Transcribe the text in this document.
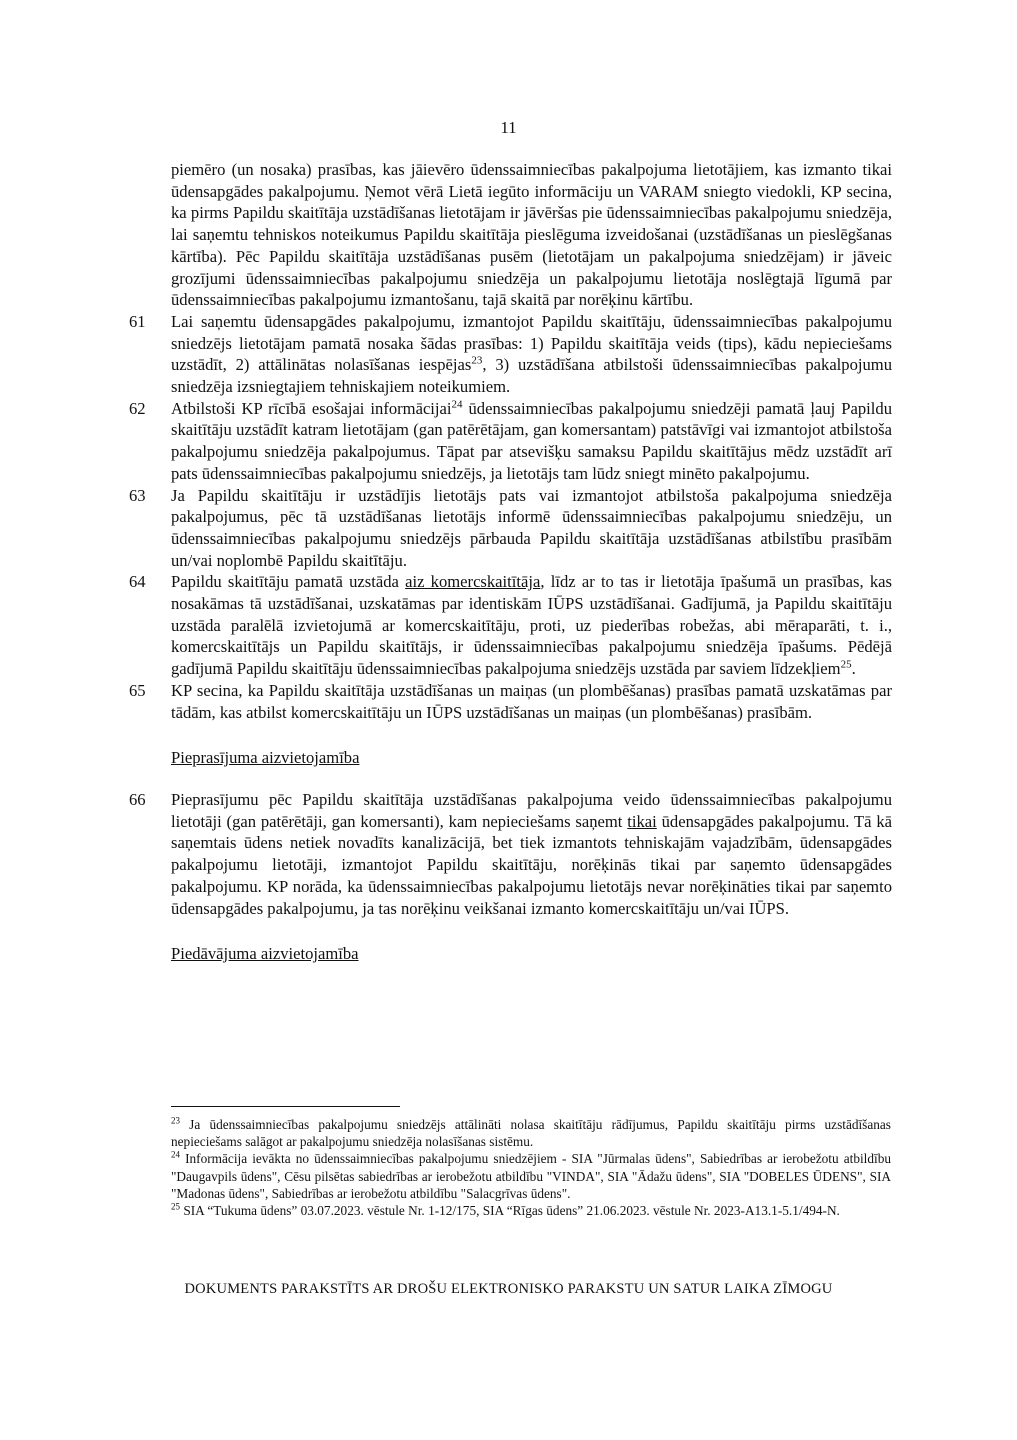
11

piemēro (un nosaka) prasības, kas jāievēro ūdenssaimniecības pakalpojuma lietotājiem, kas izmanto tikai ūdensapgādes pakalpojumu. Ņemot vērā Lietā iegūto informāciju un VARAM sniegto viedokli, KP secina, ka pirms Papildu skaitītāja uzstādīšanas lietotājam ir jāvēršas pie ūdenssaimniecības pakalpojumu sniedzēja, lai saņemtu tehniskos noteikumus Papildu skaitītāja pieslēguma izveidošanai (uzstādīšanas un pieslēgšanas kārtība). Pēc Papildu skaitītāja uzstādīšanas pusēm (lietotājam un pakalpojuma sniedzējam) ir jāveic grozījumi ūdenssaimniecības pakalpojumu sniedzēja un pakalpojumu lietotāja noslēgtajā līgumā par ūdenssaimniecības pakalpojumu izmantošanu, tajā skaitā par norēķinu kārtību.

61	Lai saņemtu ūdensapgādes pakalpojumu, izmantojot Papildu skaitītāju, ūdenssaimniecības pakalpojumu sniedzējs lietotājam pamatā nosaka šādas prasības: 1) Papildu skaitītāja veids (tips), kādu nepieciešams uzstādīt, 2) attālinātas nolasīšanas iespējas$^{23}$, 3) uzstādīšana atbilstoši ūdenssaimniecības pakalpojumu sniedzēja izsniegtajiem tehniskajiem noteikumiem.

62	Atbilstoši KP rīcībā esošajai informācijai$^{24}$ ūdenssaimniecības pakalpojumu sniedzēji pamatā ļauj Papildu skaitītāju uzstādīt katram lietotājam (gan patērētājam, gan komersantam) patstāvīgi vai izmantojot atbilstoša pakalpojumu sniedzēja pakalpojumus. Tāpat par atsevišķu samaksu Papildu skaitītājus mēdz uzstādīt arī pats ūdenssaimniecības pakalpojumu sniedzējs, ja lietotājs tam lūdz sniegt minēto pakalpojumu.

63	Ja Papildu skaitītāju ir uzstādījis lietotājs pats vai izmantojot atbilstoša pakalpojuma sniedzēja pakalpojumus, pēc tā uzstādīšanas lietotājs informē ūdenssaimniecības pakalpojumu sniedzēju, un ūdenssaimniecības pakalpojumu sniedzējs pārbauda Papildu skaitītāja uzstādīšanas atbilstību prasībām un/vai noplombē Papildu skaitītāju.

64	Papildu skaitītāju pamatā uzstāda aiz komercskaitītāja, līdz ar to tas ir lietotāja īpašumā un prasības, kas nosakāmas tā uzstādīšanai, uzskatāmas par identiskām IŪPS uzstādīšanai. Gadījumā, ja Papildu skaitītāju uzstāda paralēlā izvietojumā ar komercskaitītāju, proti, uz piederības robežas, abi mēraparāti, t. i., komercskaitītājs un Papildu skaitītājs, ir ūdenssaimniecības pakalpojumu sniedzēja īpašums. Pēdējā gadījumā Papildu skaitītāju ūdenssaimniecības pakalpojuma sniedzējs uzstāda par saviem līdzekļiem$^{25}$.

65	KP secina, ka Papildu skaitītāja uzstādīšanas un maiņas (un plombēšanas) prasības pamatā uzskatāmas par tādām, kas atbilst komercskaitītāju un IŪPS uzstādīšanas un maiņas (un plombēšanas) prasībām.

Pieprasījuma aizvietojamība

66	Pieprasījumu pēc Papildu skaitītāja uzstādīšanas pakalpojuma veido ūdenssaimniecības pakalpojumu lietotāji (gan patērētāji, gan komersanti), kam nepieciešams saņemt tikai ūdensapgādes pakalpojumu. Tā kā saņemtais ūdens netiek novadīts kanalizācijā, bet tiek izmantots tehniskajām vajadzībām, ūdensapgādes pakalpojumu lietotāji, izmantojot Papildu skaitītāju, norēķinās tikai par saņemto ūdensapgādes pakalpojumu. KP norāda, ka ūdenssaimniecības pakalpojumu lietotājs nevar norēķināties tikai par saņemto ūdensapgādes pakalpojumu, ja tas norēķinu veikšanai izmanto komercskaitītāju un/vai IŪPS.

Piedāvājuma aizvietojamība

$^{23}$ Ja ūdenssaimniecības pakalpojumu sniedzējs attālināti nolasa skaitītāju rādījumus, Papildu skaitītāju pirms uzstādīšanas nepieciešams salāgot ar pakalpojumu sniedzēja nolasīšanas sistēmu.

$^{24}$ Informācija ievākta no ūdenssaimniecības pakalpojumu sniedzējiem - SIA "Jūrmalas ūdens", Sabiedrības ar ierobežotu atbildību "Daugavpils ūdens", Cēsu pilsētas sabiedrības ar ierobežotu atbildību "VINDA", SIA "Ādažu ūdens", SIA "DOBELES ŪDENS", SIA "Madonas ūdens", Sabiedrības ar ierobežotu atbildību "Salacgrīvas ūdens".

$^{25}$ SIA “Tukuma ūdens” 03.07.2023. vēstule Nr. 1-12/175, SIA “Rīgas ūdens” 21.06.2023. vēstule Nr. 2023-A13.1-5.1/494-N.

DOKUMENTS PARAKSTĪTS AR DROŠU ELEKTRONISKO PARAKSTU UN SATUR LAIKA ZĪMOGU
